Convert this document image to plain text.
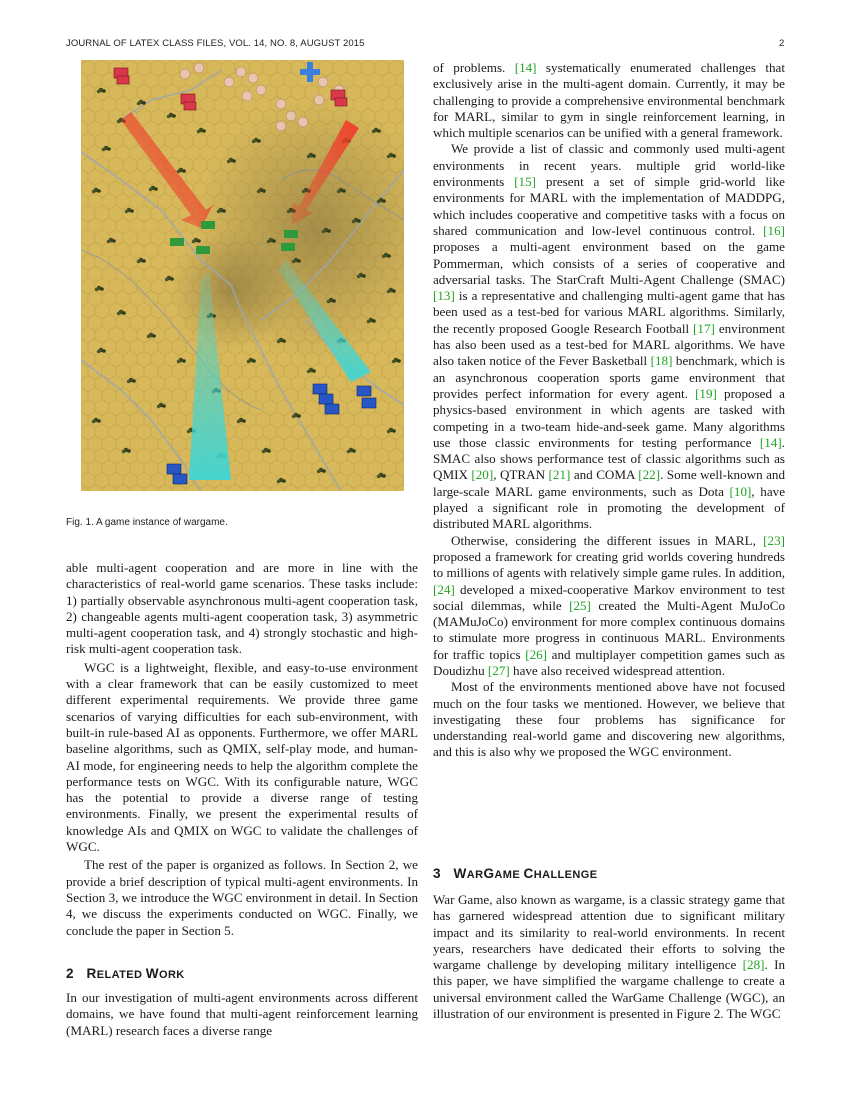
JOURNAL OF LATEX CLASS FILES, VOL. 14, NO. 8, AUGUST 2015	2
Fig. 1. A game instance of wargame.

able multi-agent cooperation and are more in line with the characteristics of real-world game scenarios. These tasks include: 1) partially observable asynchronous multi-agent cooperation task, 2) changeable agents multi-agent cooperation task, 3) asymmetric multi-agent cooperation task, and 4) strongly stochastic and high-risk multi-agent cooperation task.

WGC is a lightweight, flexible, and easy-to-use environment with a clear framework that can be easily customized to meet different experimental requirements. We provide three game scenarios of varying difficulties for each sub-environment, with built-in rule-based AI as opponents. Furthermore, we offer MARL baseline algorithms, such as QMIX, self-play mode, and human-AI mode, for engineering needs to help the algorithm complete the performance tests on WGC. With its configurable nature, WGC has the potential to provide a diverse range of testing environments. Finally, we present the experimental results of knowledge AIs and QMIX on WGC to validate the challenges of WGC.

The rest of the paper is organized as follows. In Section 2, we provide a brief description of typical multi-agent environments. In Section 3, we introduce the WGC environment in detail. In Section 4, we discuss the experiments conducted on WGC. Finally, we conclude the paper in Section 5.

2 RELATED WORK

In our investigation of multi-agent environments across different domains, we have found that multi-agent reinforcement learning (MARL) research faces a diverse range

of problems. [14] systematically enumerated challenges that exclusively arise in the multi-agent domain. Currently, it may be challenging to provide a comprehensive environmental benchmark for MARL, similar to gym in single reinforcement learning, in which multiple scenarios can be unified with a general framework.

We provide a list of classic and commonly used multi-agent environments in recent years. multiple grid world-like environments [15] present a set of simple grid-world like environments for MARL with the implementation of MADDPG, which includes cooperative and competitive tasks with a focus on shared communication and low-level continuous control. [16] proposes a multi-agent environment based on the game Pommerman, which consists of a series of cooperative and adversarial tasks. The StarCraft Multi-Agent Challenge (SMAC) [13] is a representative and challenging multi-agent game that has been used as a test-bed for various MARL algorithms. Similarly, the recently proposed Google Research Football [17] environment has also been used as a test-bed for MARL algorithms. We have also taken notice of the Fever Basketball [18] benchmark, which is an asynchronous cooperation sports game environment that provides perfect information for every agent. [19] proposed a physics-based environment in which agents are tasked with competing in a two-team hide-and-seek game. Many algorithms use those classic environments for testing performance [14]. SMAC also shows performance test of classic algorithms such as QMIX [20], QTRAN [21] and COMA [22]. Some well-known and large-scale MARL game environments, such as Dota [10], have played a significant role in promoting the development of distributed MARL algorithms.

Otherwise, considering the different issues in MARL, [23] proposed a framework for creating grid worlds covering hundreds to millions of agents with relatively simple game rules. In addition, [24] developed a mixed-cooperative Markov environment to test social dilemmas, while [25] created the Multi-Agent MuJoCo (MAMuJoCo) environment for more complex continuous domains to stimulate more progress in continuous MARL. Environments for traffic topics [26] and multiplayer competition games such as Doudizhu [27] have also received widespread attention.

Most of the environments mentioned above have not focused much on the four tasks we mentioned. However, we believe that investigating these four problems has significance for understanding real-world game and discovering new algorithms, and this is also why we proposed the WGC environment.

3 WARGAME CHALLENGE

War Game, also known as wargame, is a classic strategy game that has garnered widespread attention due to significant military impact and its similarity to real-world environments. In recent years, researchers have dedicated their efforts to solving the wargame challenge by developing military intelligence [28]. In this paper, we have simplified the wargame challenge to create a universal environment called the WarGame Challenge (WGC), an illustration of our environment is presented in Figure 2. The WGC
